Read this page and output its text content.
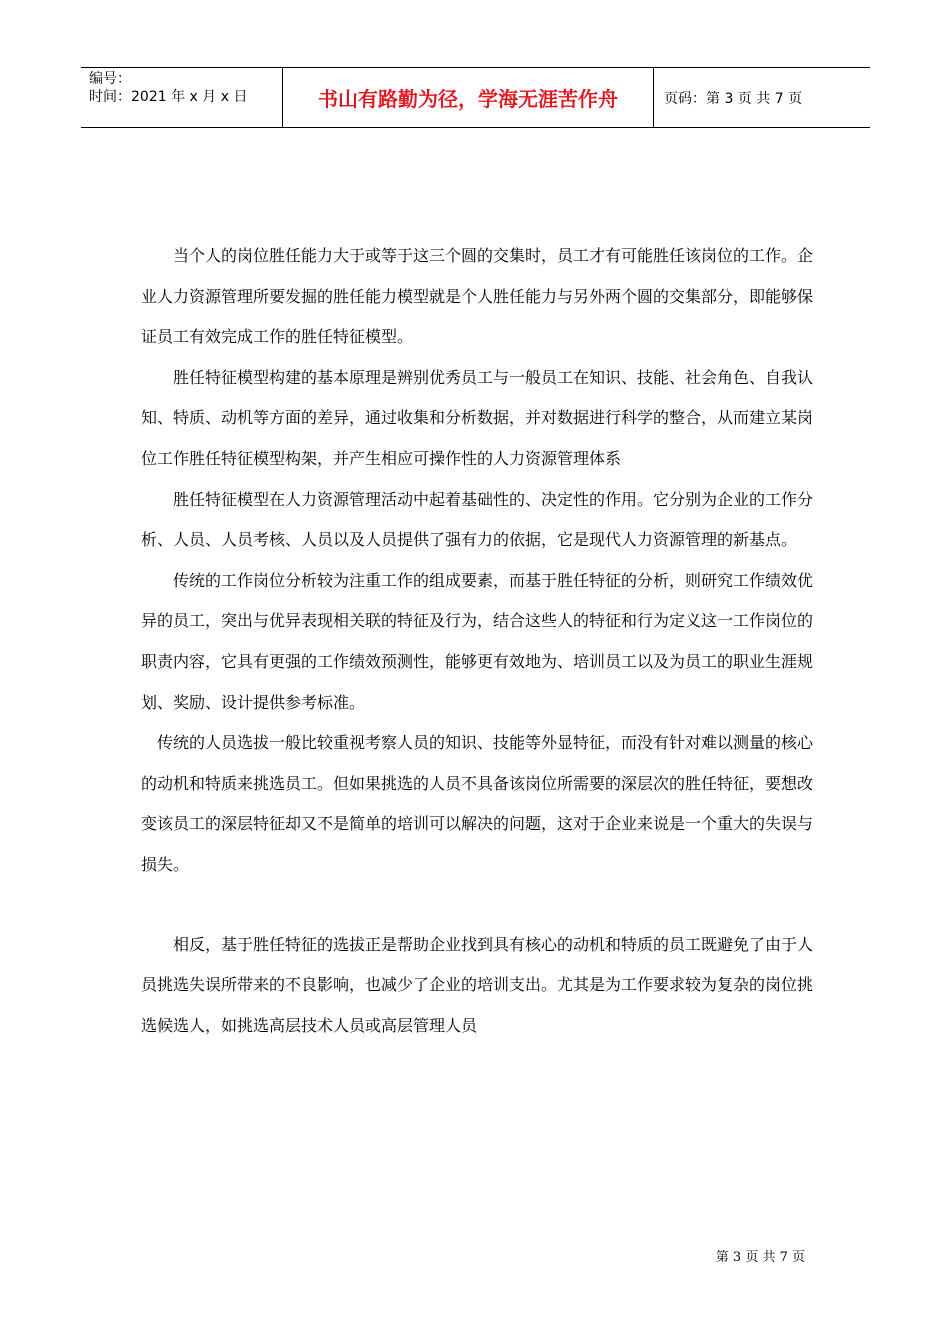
编号：
时间：2021 年 x 月 x 日	书山有路勤为径，学海无涯苦作舟	页码：第 3 页 共 7 页

当个人的岗位胜任能力大于或等于这三个圆的交集时，员工才有可能胜任该岗位的工作。企业人力资源管理所要发掘的胜任能力模型就是个人胜任能力与另外两个圆的交集部分，即能够保证员工有效完成工作的胜任特征模型。

胜任特征模型构建的基本原理是辨别优秀员工与一般员工在知识、技能、社会角色、自我认知、特质、动机等方面的差异，通过收集和分析数据，并对数据进行科学的整合，从而建立某岗位工作胜任特征模型构架，并产生相应可操作性的人力资源管理体系

胜任特征模型在人力资源管理活动中起着基础性的、决定性的作用。它分别为企业的工作分析、人员、人员考核、人员以及人员提供了强有力的依据，它是现代人力资源管理的新基点。

传统的工作岗位分析较为注重工作的组成要素，而基于胜任特征的分析，则研究工作绩效优异的员工，突出与优异表现相关联的特征及行为，结合这些人的特征和行为定义这一工作岗位的职责内容，它具有更强的工作绩效预测性，能够更有效地为、培训员工以及为员工的职业生涯规划、奖励、设计提供参考标准。

传统的人员选拔一般比较重视考察人员的知识、技能等外显特征，而没有针对难以测量的核心的动机和特质来挑选员工。但如果挑选的人员不具备该岗位所需要的深层次的胜任特征，要想改变该员工的深层特征却又不是简单的培训可以解决的问题，这对于企业来说是一个重大的失误与损失。

相反，基于胜任特征的选拔正是帮助企业找到具有核心的动机和特质的员工既避免了由于人员挑选失误所带来的不良影响，也减少了企业的培训支出。尤其是为工作要求较为复杂的岗位挑选候选人，如挑选高层技术人员或高层管理人员

第 3 页 共 7 页
